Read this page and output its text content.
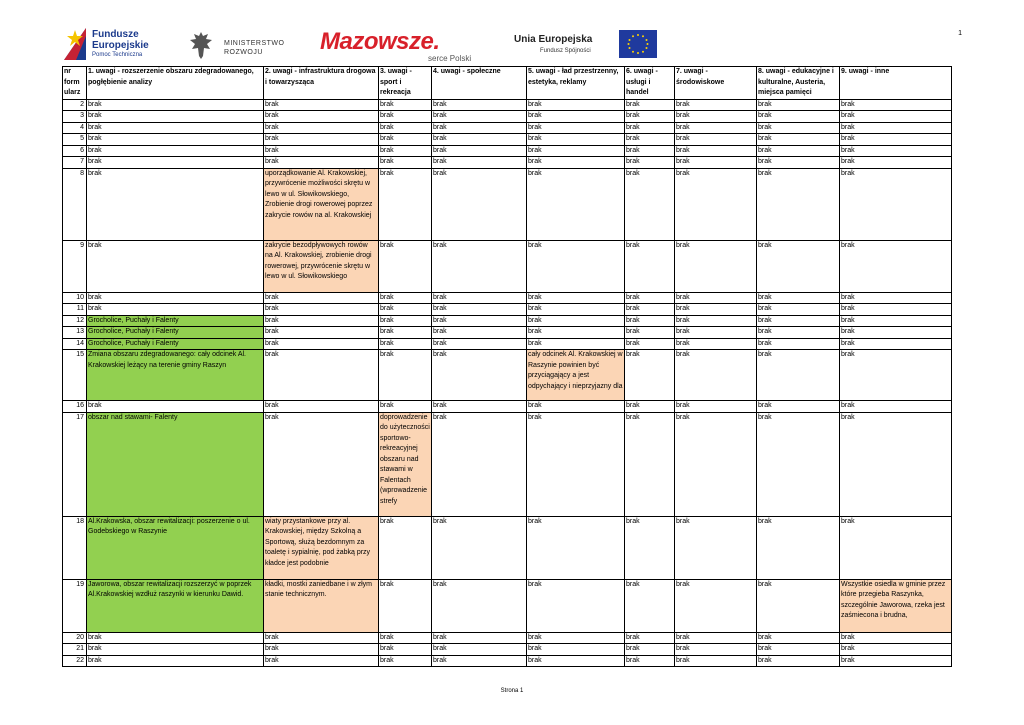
1
Fundusze
Europejskie
Pomoc Techniczna
MINISTERSTWO
ROZWOJU	Mazowsze.
serce Polski
Unia Europejska
Fundusz Spójności
nr form ularz	1. uwagi - rozszerzenie obszaru zdegradowanego, pogłębienie analizy	2. uwagi - infrastruktura drogowa i towarzysząca	3. uwagi - sport i rekreacja	4. uwagi - społeczne	5. uwagi - ład przestrzenny, estetyka, reklamy	6. uwagi - usługi i handel	7. uwagi - środowiskowe	8. uwagi - edukacyjne i kulturalne, Austeria, miejsca pamięci	9. uwagi - inne
2	brak	brak	brak	brak	brak	brak	brak	brak	brak
3	brak	brak	brak	brak	brak	brak	brak	brak	brak
4	brak	brak	brak	brak	brak	brak	brak	brak	brak
5	brak	brak	brak	brak	brak	brak	brak	brak	brak
6	brak	brak	brak	brak	brak	brak	brak	brak	brak
7	brak	brak	brak	brak	brak	brak	brak	brak	brak
8	brak	uporządkowanie Al. Krakowskiej, przywrócenie możliwości skrętu w lewo w ul. Słowikowskiego, Zrobienie drogi rowerowej poprzez zakrycie rowów na al. Krakowskiej	brak	brak	brak	brak	brak	brak	brak
9	brak	zakrycie bezodpływowych rowów na Al. Krakowskiej, zrobienie drogi rowerowej, przywrócenie skrętu w lewo w ul. Słowikowskiego	brak	brak	brak	brak	brak	brak	brak
10	brak	brak	brak	brak	brak	brak	brak	brak	brak
11	brak	brak	brak	brak	brak	brak	brak	brak	brak
12	Grocholice, Puchały i Falenty	brak	brak	brak	brak	brak	brak	brak	brak
13	Grocholice, Puchały i Falenty	brak	brak	brak	brak	brak	brak	brak	brak
14	Grocholice, Puchały i Falenty	brak	brak	brak	brak	brak	brak	brak	brak
15	Zmiana obszaru zdegradowanego: cały odcinek Al. Krakowskiej leżący na terenie gminy Raszyn	brak	brak	brak	cały odcinek Al. Krakowskiej w Raszynie powinien być przyciągający a jest odpychający i nieprzyjazny dla	brak	brak	brak	brak
16	brak	brak	brak	brak	brak	brak	brak	brak	brak
17	obszar nad stawami- Falenty	brak	doprowadzenie do użyteczności sportowo-rekreacyjnej obszaru nad stawami w Falentach (wprowadzenie strefy	brak	brak	brak	brak	brak	brak
18	Al.Krakowska, obszar rewitalizacji: poszerzenie o ul. Godebskiego w Raszynie	wiaty przystankowe przy al. Krakowskiej, między Szkolną a Sportową, służą bezdomnym za toaletę i sypialnię, pod żabką przy kładce jest podobnie	brak	brak	brak	brak	brak	brak	brak
19	Jaworowa, obszar rewitalizacji rozszerzyć w poprzek Al.Krakowskiej wzdłuż raszynki w kierunku Dawid.	kładki, mostki zaniedbane i w złym stanie technicznym.	brak	brak	brak	brak	brak	brak	Wszystkie osiedla w gminie przez które przegieba Raszynka, szczególnie Jaworowa, rzeka jest zaśmiecona i brudna,
20	brak	brak	brak	brak	brak	brak	brak	brak	brak
21	brak	brak	brak	brak	brak	brak	brak	brak	brak
22	brak	brak	brak	brak	brak	brak	brak	brak	brak
Strona 1
